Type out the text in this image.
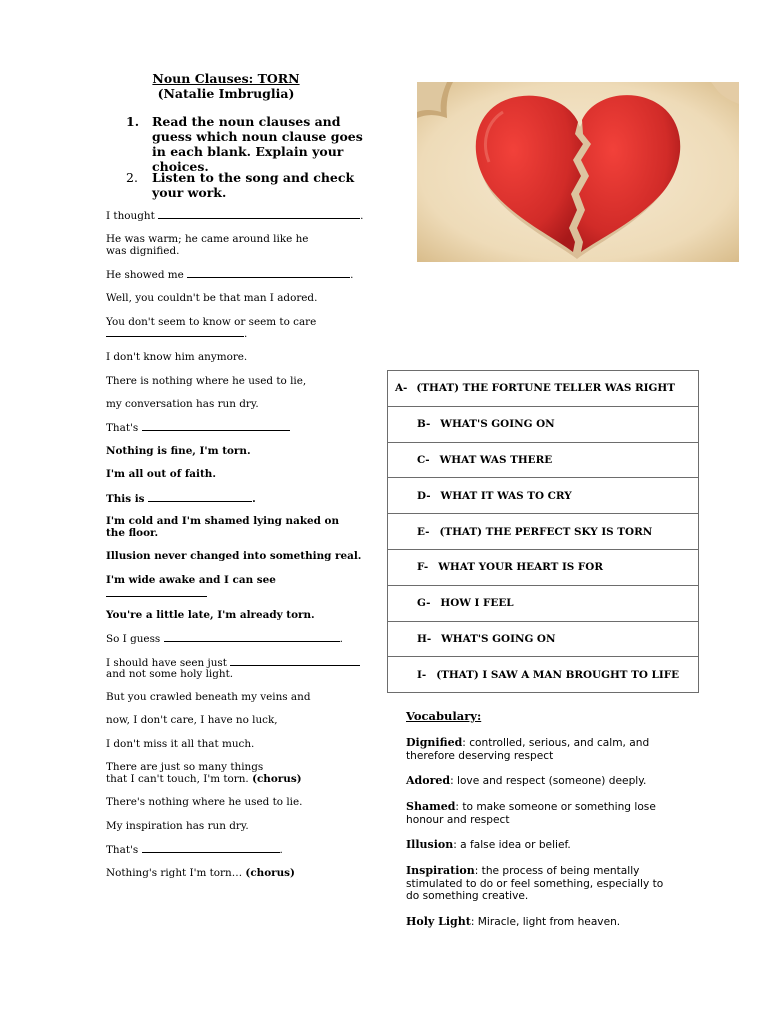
Noun Clauses: TORN
(Natalie Imbruglia)
1. Read the noun clauses and guess which noun clause goes in each blank. Explain your choices.
2. Listen to the song and check your work.
I thought	.
He was warm; he came around like he was dignified.
He showed me	.
Well, you couldn't be that man I adored.
You don't seem to know or seem to care
.
I don't know him anymore.
There is nothing where he used to lie,
my conversation has run dry.
That's
Nothing is fine, I'm torn.
I'm all out of faith.
This is	.
I'm cold and I'm shamed lying naked on the floor.
Illusion never changed into something real.
I'm wide awake and I can see
You're a little late, I'm already torn.
So I guess	.
I should have seen just
and not some holy light.
But you crawled beneath my veins and
now, I don't care, I have no luck,
I don't miss it all that much.
There are just so many things
that I can't touch, I'm torn. (chorus)
There's nothing where he used to lie.
My inspiration has run dry.
That's	.
Nothing's right I'm torn… (chorus)
A- (THAT) THE FORTUNE TELLER WAS RIGHT

B- WHAT'S GOING ON

C- WHAT WAS THERE

D- WHAT IT WAS TO CRY

E- (THAT) THE PERFECT SKY IS TORN

F- WHAT YOUR HEART IS FOR

G- HOW I FEEL

H- WHAT'S GOING ON

I- (THAT) I SAW A MAN BROUGHT TO LIFE
Vocabulary:
Dignified: controlled, serious, and calm, and therefore deserving respect
Adored: love and respect (someone) deeply.
Shamed: to make someone or something lose honour and respect
Illusion: a false idea or belief.
Inspiration: the process of being mentally stimulated to do or feel something, especially to do something creative.
Holy Light: Miracle, light from heaven.
